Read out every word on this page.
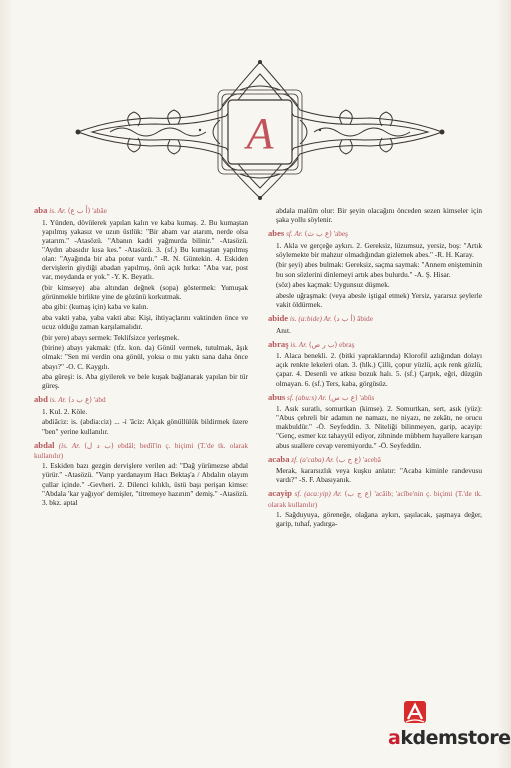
A

aba is. Ar. (أَ ب ع) 'abâe

1. Yünden, dövülerek yapılan kalın ve kaba kumaş. 2. Bu kumaştan yapılmış yakasız ve uzun üstlük: "Bir abam var atarım, nerde olsa yatarım." -Atasözü. "Abanın kadri yağmurda bilinir." -Atasözü. "Aydın abasıdır kısa kes." -Atasözü. 3. (sf.) Bu kumaştan yapılmış olan: "Ayağında bir aba potur vardı." -R. N. Güntekin. 4. Eskiden dervişlerin giydiği abadan yapılmış, önü açık hırka: "Aba var, post var, meydanda er yok." -Y. K. Beyatlı.

(bir kimseye) aba altından değnek (sopa) göstermek: Yumuşak görünmekle birlikte yine de gözünü korkutmak.

aba gibi: (kumaş için) kaba ve kalın.

aba vakti yaba, yaba vakti aba: Kişi, ihtiyaçlarını vaktinden önce ve ucuz olduğu zaman karşılamalıdır.

(bir yere) abayı sermek: Teklifsizce yerleşmek.

(birine) abayı yakmak: (tfz. kon. da) Gönül vermek, tutulmak, âşık olmak: "Sen mi verdin ona gönül, yoksa o mu yaktı sana daha önce abayı?" -O. C. Kaygılı.

aba güreşi: is. Aba giyilerek ve bele kuşak bağlanarak yapılan bir tür güreş.

abd is. Ar. (ع ب د) 'abd

1. Kul. 2. Köle.

abdiâciz: is. (abdia:ciz) ... -i 'âciz: Alçak gönüllülük bildirmek üzere "ben" yerine kullanılır.

abdal (is. Ar. (ب د ل) ebdâl; bedîl'in ç. biçimi (T.'de tk. olarak kullanılır)

1. Eskiden bazı gezgin dervişlere verilen ad: "Dağ yürümezse abdal yürür." -Atasözü. "Varıp yardanayım Hacı Bektaş'a / Abdalın olayım çullar içinde." -Gevheri. 2. Dilenci kılıklı, üstü başı perişan kimse: "Abdala 'kar yağıyor' demişler, "titremeye hazırım" demiş." -Atasözü. 3. bkz. aptal

abdala malûm olur: Bir şeyin olacağını önceden sezen kimseler için şaka yollu söylenir.

abes sf. Ar. (ع ب ث) 'abeş

1. Akla ve gerçeğe aykırı. 2. Gereksiz, lüzumsuz, yersiz, boş: "Artık söylemekte bir mahzur olmadığından gizlemek abes." -R. H. Karay.

(bir şeyi) abes bulmak: Gereksiz, saçma saymak: "Annem enişteminin bu son sözlerini dinlemeyi artık abes bulurdu." -A. Ş. Hisar.

(söz) abes kaçmak: Uygunsuz düşmek.

abesle uğraşmak: (veya abesle iştigal etmek) Yersiz, yararsız şeylerle vakit öldürmek.

abide is. (a:bide) Ar. (أ ب د) âbide

Anıt.

abraş is. Ar. (ب ر ص) ebraş

1. Alaca benekli. 2. (bitki yapraklarında) Klorofil azlığından dolayı açık renkte lekeleri olan. 3. (hlk.) Çilli, çopur yüzlü, açık renk gözlü, çapar. 4. Desenli ve atkısı bozuk halı. 5. (sf.) Çarpık, eğri, düzgün olmayan. 6. (sf.) Ters, kaba, görgüsüz.

abus sf. (abu:s) Ar. (ع ب س) 'abûs

1. Asık suratlı, somurtkan (kimse). 2. Somurtkan, sert, asık (yüz): "Abus çehreli bir adamın ne namazı, ne niyazı, ne zekâtı, ne orucu makbuldür." -Ö. Seyfeddin. 3. Niteliği bilinmeyen, garip, acayip: "Genç, esmer kız tahayyül ediyor, zihninde mübhem hayallere karışan abus suallere cevap veremiyordu." -Ö. Seyfeddin.

acaba zf. (a'caba) Ar. (ع ج ب) 'acebâ

Merak, kararsızlık veya kuşku anlatır: "Acaba kiminle randevusu vardı?" -S. F. Abasıyanık.

acayip sf. (aca:yip) Ar. (ع ج ب) 'acâib; 'acîbe'nin ç. biçimi (T.'de tk. olarak kullanılır)

1. Sağduyuya, göreneğe, olağana aykırı, şaşılacak, şaşmaya değer, garip, tuhaf, yadırga-

akdemstore
